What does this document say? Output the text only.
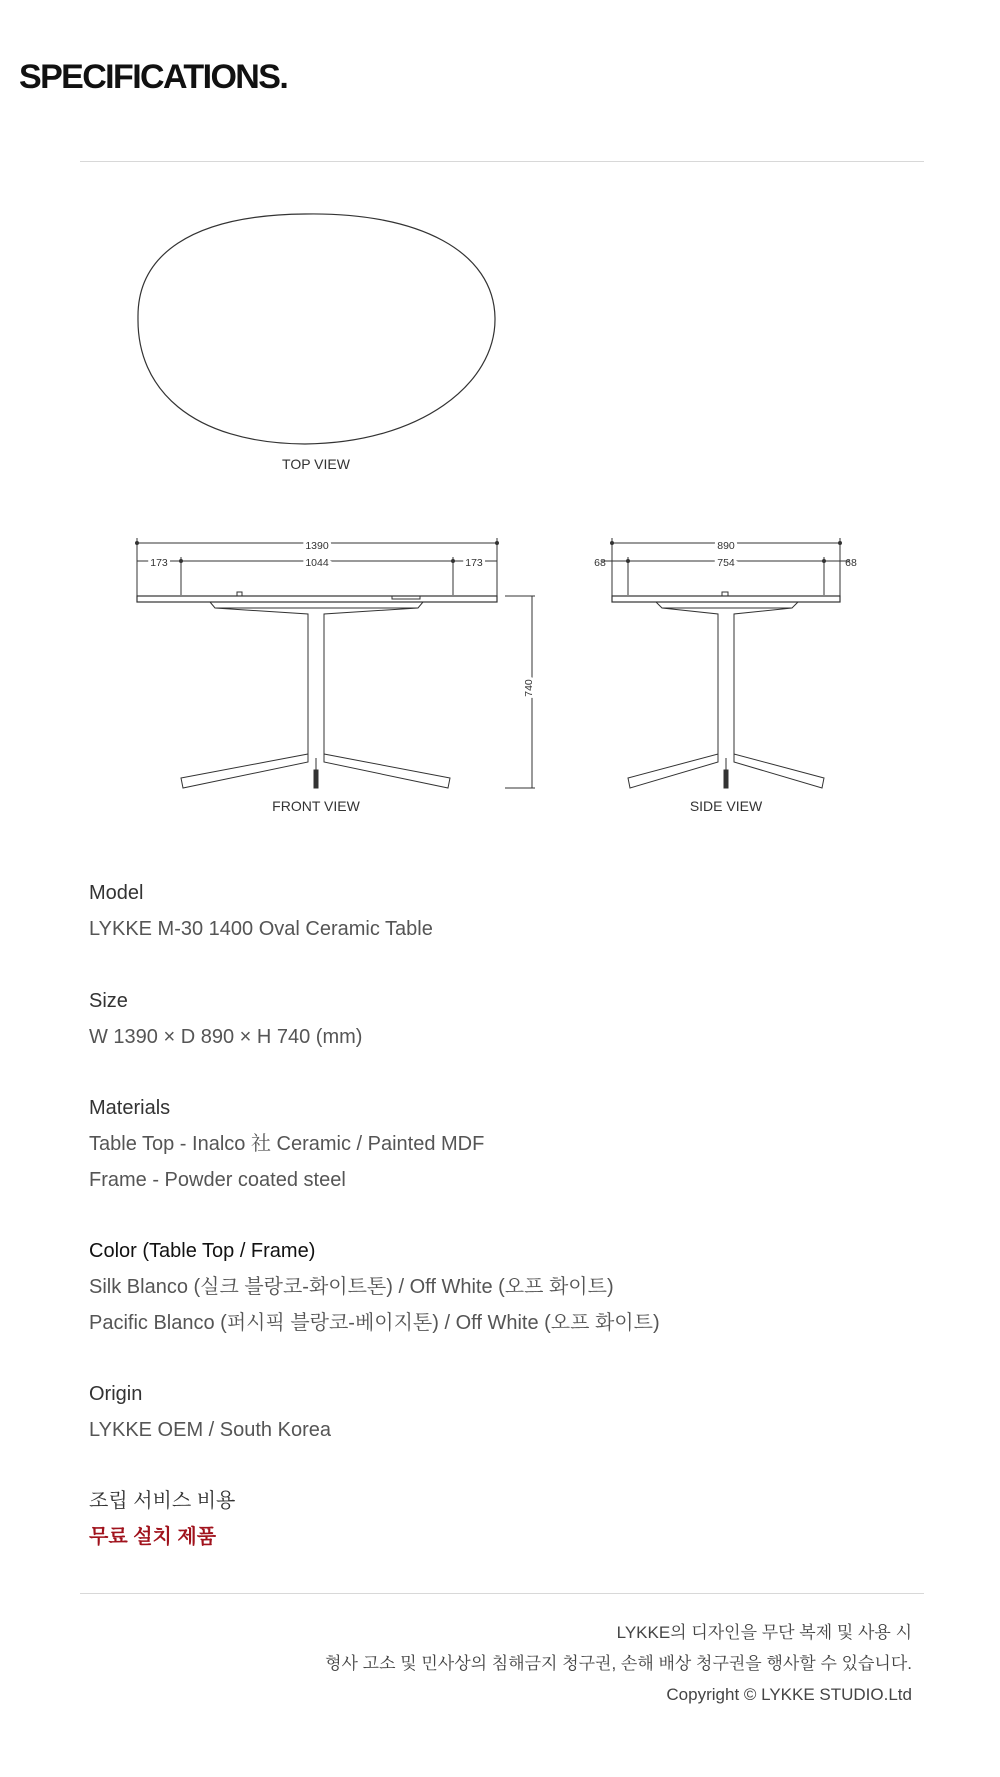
SPECIFICATIONS.
TOP VIEW
1390
173	1044	173
740
FRONT VIEW
890
68	754	68
SIDE VIEW
Model
LYKKE M-30 1400 Oval Ceramic Table
Size
W 1390 × D 890 × H 740 (mm)
Materials
Table Top - Inalco 社 Ceramic / Painted MDF
Frame - Powder coated steel
Color (Table Top / Frame)
Silk Blanco (실크 블랑코-화이트톤) / Off White (오프 화이트)
Pacific Blanco (퍼시픽 블랑코-베이지톤) / Off White (오프 화이트)
Origin
LYKKE OEM / South Korea
조립 서비스 비용
무료 설치 제품
LYKKE의 디자인을 무단 복제 및 사용 시
형사 고소 및 민사상의 침해금지 청구권, 손해 배상 청구권을 행사할 수 있습니다.
Copyright © LYKKE STUDIO.Ltd
